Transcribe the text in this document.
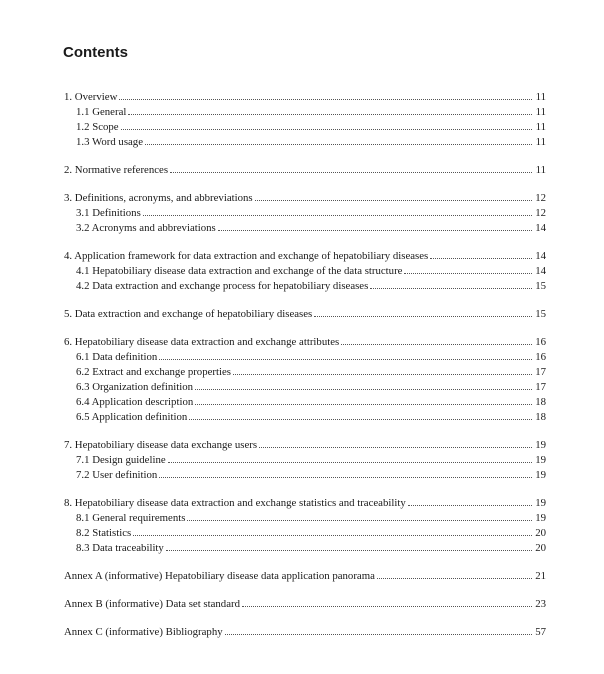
Contents
1. Overview	11
1.1 General	11
1.2 Scope	11
1.3 Word usage	11
2. Normative references	11
3. Definitions, acronyms, and abbreviations	12
3.1 Definitions	12
3.2 Acronyms and abbreviations	14
4. Application framework for data extraction and exchange of hepatobiliary diseases	14
4.1 Hepatobiliary disease data extraction and exchange of the data structure	14
4.2 Data extraction and exchange process for hepatobiliary diseases	15
5. Data extraction and exchange of hepatobiliary diseases	15
6. Hepatobiliary disease data extraction and exchange attributes	16
6.1 Data definition	16
6.2 Extract and exchange properties	17
6.3 Organization definition	17
6.4 Application description	18
6.5 Application definition	18
7. Hepatobiliary disease data exchange users	19
7.1 Design guideline	19
7.2 User definition	19
8. Hepatobiliary disease data extraction and exchange statistics and traceability	19
8.1 General requirements	19
8.2 Statistics	20
8.3 Data traceability	20
Annex A (informative) Hepatobiliary disease data application panorama	21
Annex B (informative) Data set standard	23
Annex C (informative) Bibliography	57
